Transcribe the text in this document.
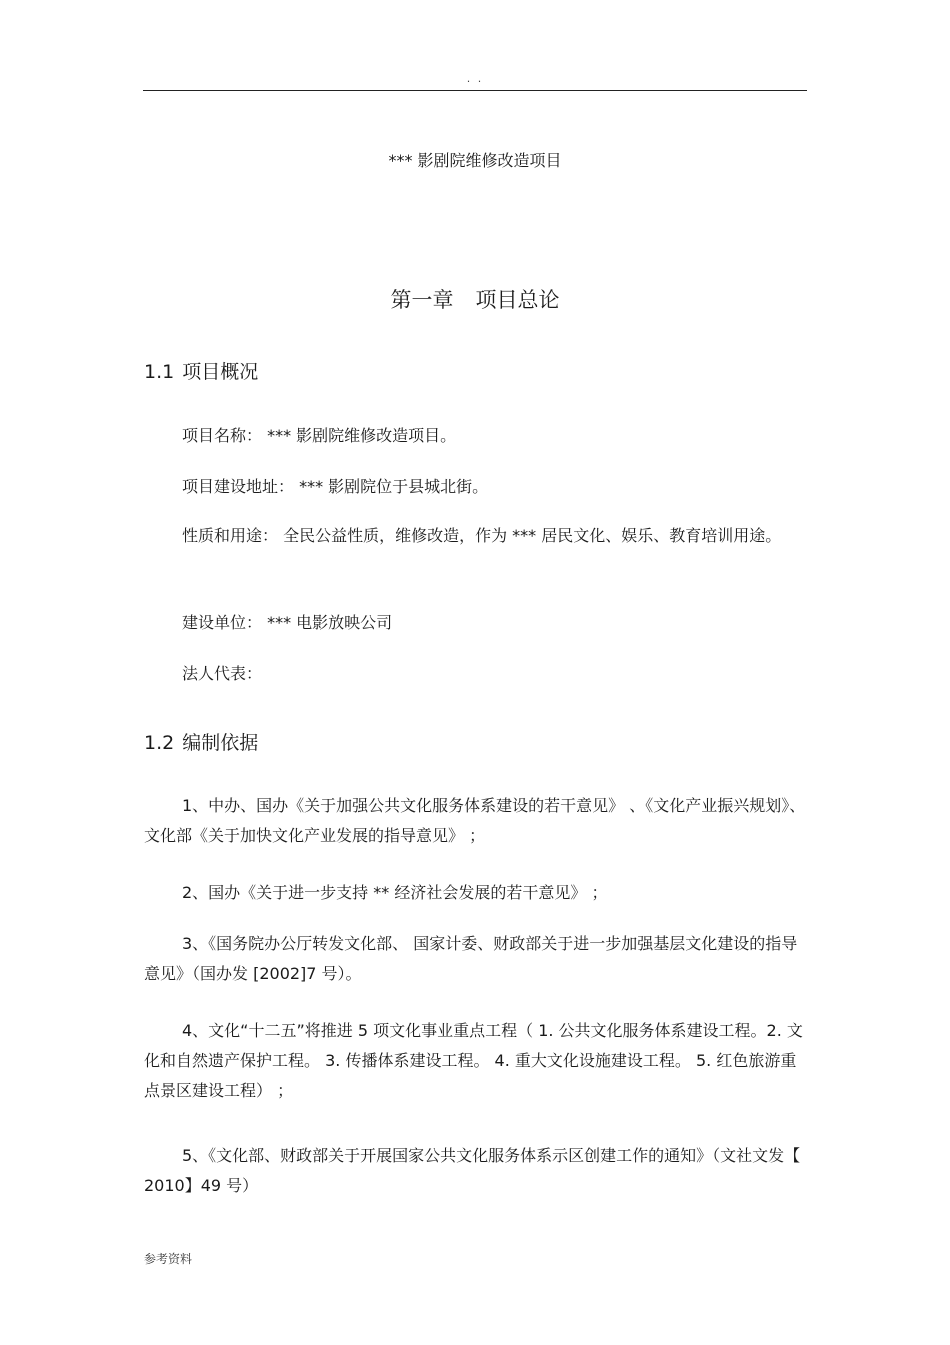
. .
*** 影剧院维修改造项目
第一章 项目总论
1.1 项目概况
项目名称： *** 影剧院维修改造项目。
项目建设地址： *** 影剧院位于县城北街。
性质和用途： 全民公益性质，维修改造，作为 *** 居民文化、娱乐、教育培训用途。
建设单位： *** 电影放映公司
法人代表：
1.2 编制依据
1、中办、国办《关于加强公共文化服务体系建设的若干意见》 、《文化产业振兴规划》、文化部《关于加快文化产业发展的指导意见》 ；
2、国办《关于进一步支持 ** 经济社会发展的若干意见》 ；
3、《国务院办公厅转发文化部、 国家计委、财政部关于进一步加强基层文化建设的指导意见》（国办发 [2002]7 号）。
4、文化“十二五”将推进 5 项文化事业重点工程（ 1. 公共文化服务体系建设工程。2. 文化和自然遗产保护工程。 3. 传播体系建设工程。 4. 重大文化设施建设工程。 5. 红色旅游重点景区建设工程） ；
5、《文化部、财政部关于开展国家公共文化服务体系示区创建工作的通知》（文社文发【 2010】49 号）
参考资料
